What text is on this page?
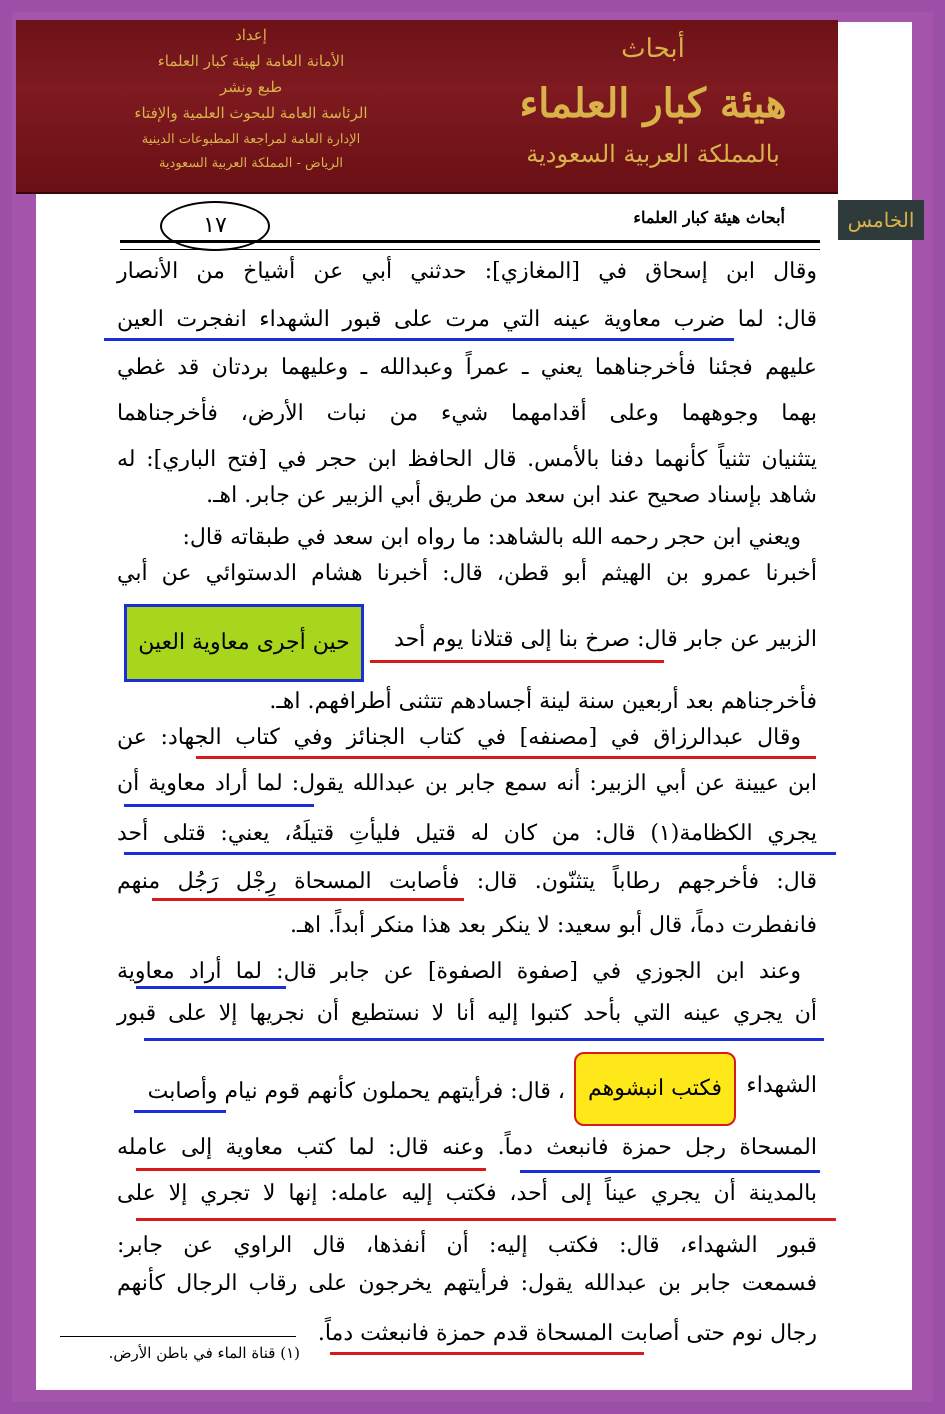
أبحاث
هيئة كبار العلماء
بالمملكة العربية السعودية
إعداد
الأمانة العامة لهيئة كبار العلماء
طبع ونشر
الرئاسة العامة للبحوث العلمية والإفتاء
الإدارة العامة لمراجعة المطبوعات الدينية
الرياض - المملكة العربية السعودية
الخامس
١٧	أبحاث هيئة كبار العلماء
وقال ابن إسحاق في [المغازي]: حدثني أبي عن أشياخ من الأنصار
قال: لما ضرب معاوية عينه التي مرت على قبور الشهداء انفجرت العين
عليهم فجئنا فأخرجناهما يعني ـ عمراً وعبدالله ـ وعليهما بردتان قد غطي
بهما وجوههما وعلى أقدامهما شيء من نبات الأرض، فأخرجناهما
يتثنيان تثنياً كأنهما دفنا بالأمس. قال الحافظ ابن حجر في [فتح الباري]: له
شاهد بإسناد صحيح عند ابن سعد من طريق أبي الزبير عن جابر. اهـ.
ويعني ابن حجر رحمه الله بالشاهد: ما رواه ابن سعد في طبقاته قال:
أخبرنا عمرو بن الهيثم أبو قطن، قال: أخبرنا هشام الدستوائي عن أبي
الزبير عن جابر قال: صرخ بنا إلى قتلانا يوم أحد
حين أجرى معاوية العين
فأخرجناهم بعد أربعين سنة لينة أجسادهم تتثنى أطرافهم. اهـ.
وقال عبدالرزاق في [مصنفه] في كتاب الجنائز وفي كتاب الجهاد: عن
ابن عيينة عن أبي الزبير: أنه سمع جابر بن عبدالله يقول: لما أراد معاوية أن
يجري الكظامة(١) قال: من كان له قتيل فليأتِ قتيلَهُ، يعني: قتلى أحد
قال: فأخرجهم رطاباً يتثنّون. قال: فأصابت المسحاة رِجْل رَجُل منهم
فانفطرت دماً، قال أبو سعيد: لا ينكر بعد هذا منكر أبداً. اهـ.
وعند ابن الجوزي في [صفوة الصفوة] عن جابر قال: لما أراد معاوية
أن يجري عينه التي بأحد كتبوا إليه أنا لا نستطيع أن نجريها إلا على قبور
الشهداء
فكتب انبشوهم
، قال: فرأيتهم يحملون كأنهم قوم نيام وأصابت
المسحاة رجل حمزة فانبعث دماً. وعنه قال: لما كتب معاوية إلى عامله
بالمدينة أن يجري عيناً إلى أحد، فكتب إليه عامله: إنها لا تجري إلا على
قبور الشهداء، قال: فكتب إليه: أن أنفذها، قال الراوي عن جابر:
فسمعت جابر بن عبدالله يقول: فرأيتهم يخرجون على رقاب الرجال كأنهم
رجال نوم حتى أصابت المسحاة قدم حمزة فانبعثت دماً.
(١) قناة الماء في باطن الأرض.
